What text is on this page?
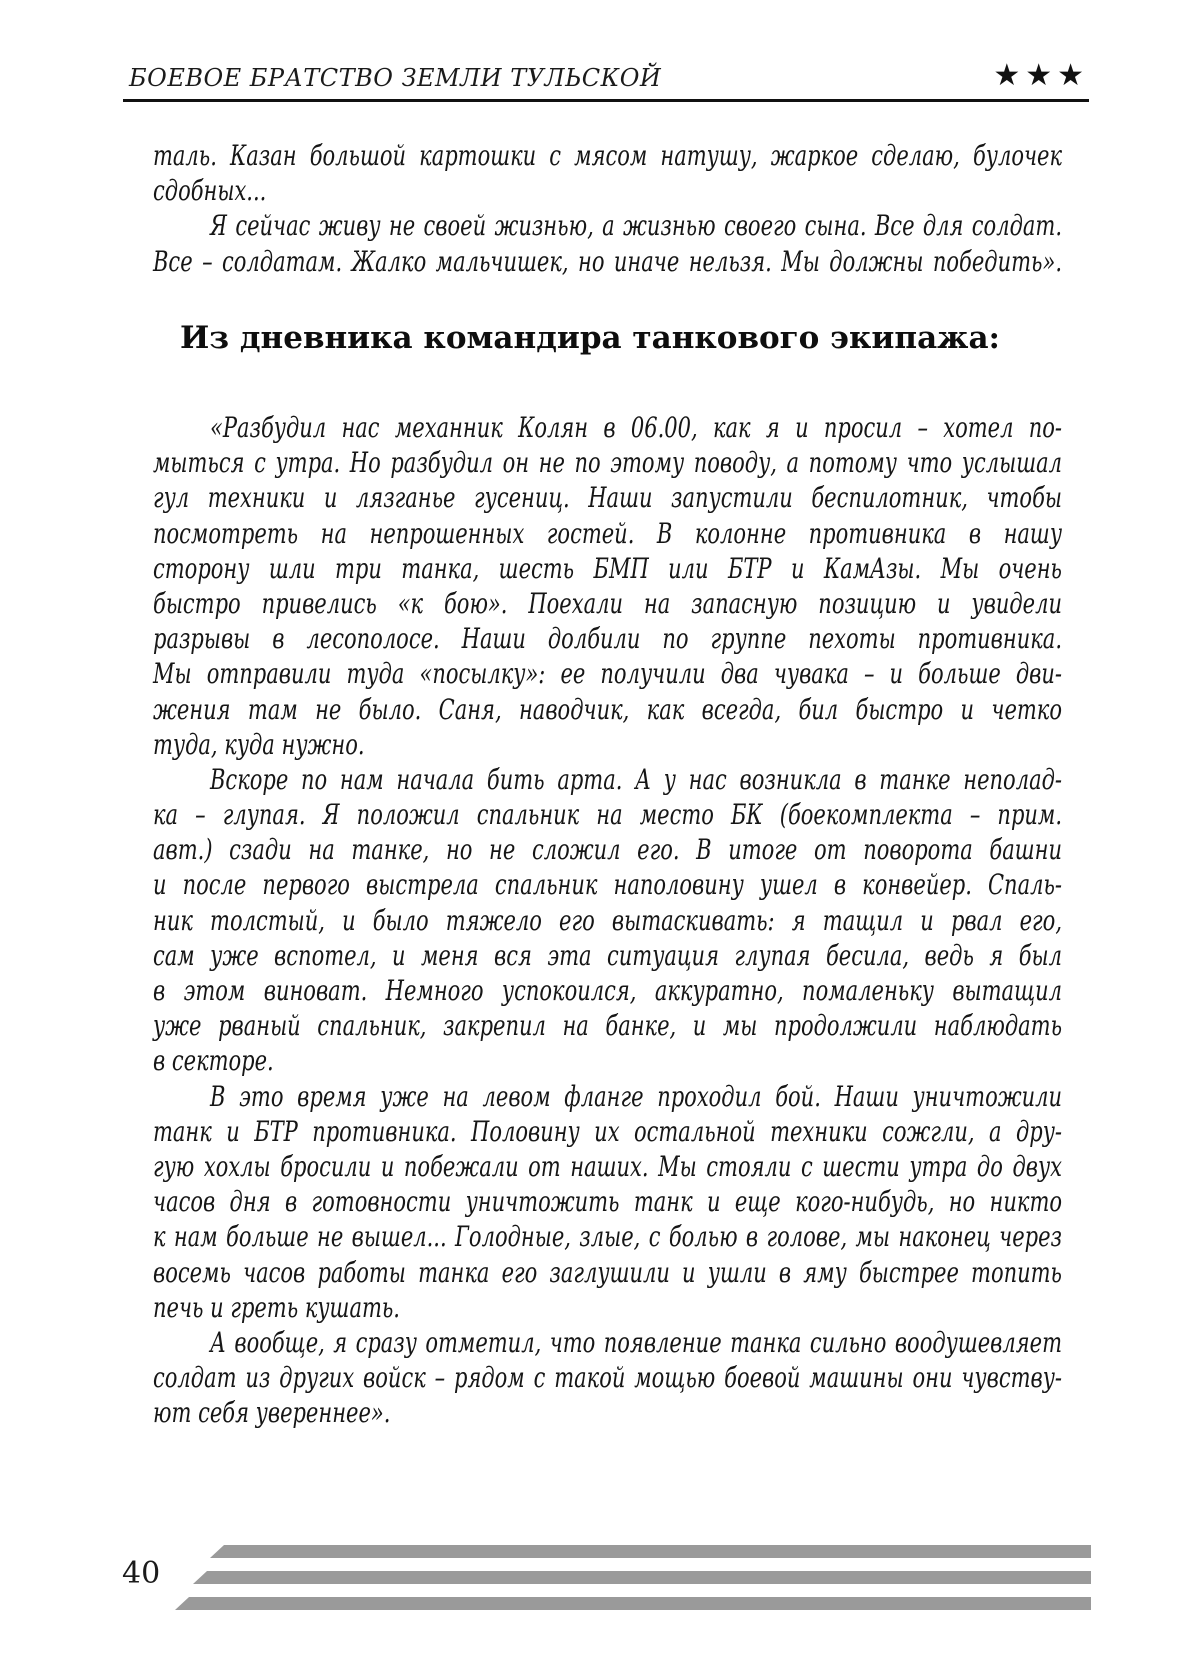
БОЕВОЕ БРАТСТВО ЗЕМЛИ ТУЛЬСКОЙ	★★★
таль. Казан большой картошки с мясом натушу, жаркое сделаю, булочек
сдобных...
Я сейчас живу не своей жизнью, а жизнью своего сына. Все для солдат.
Все – солдатам. Жалко мальчишек, но иначе нельзя. Мы должны победить».
Из дневника командира танкового экипажа:
«Разбудил нас механник Колян в 06.00, как я и просил – хотел по-
мыться с утра. Но разбудил он не по этому поводу, а потому что услышал
гул техники и лязганье гусениц. Наши запустили беспилотник, чтобы
посмотреть на непрошенных гостей. В колонне противника в нашу
сторону шли три танка, шесть БМП или БТР и КамАзы. Мы очень
быстро привелись «к бою». Поехали на запасную позицию и увидели
разрывы в лесополосе. Наши долбили по группе пехоты противника.
Мы отправили туда «посылку»: ее получили два чувака – и больше дви-
жения там не было. Саня, наводчик, как всегда, бил быстро и четко
туда, куда нужно.
Вскоре по нам начала бить арта. А у нас возникла в танке неполад-
ка – глупая. Я положил спальник на место БК (боекомплекта – прим.
авт.) сзади на танке, но не сложил его. В итоге от поворота башни
и после первого выстрела спальник наполовину ушел в конвейер. Спаль-
ник толстый, и было тяжело его вытаскивать: я тащил и рвал его,
сам уже вспотел, и меня вся эта ситуация глупая бесила, ведь я был
в этом виноват. Немного успокоился, аккуратно, помаленьку вытащил
уже рваный спальник, закрепил на банке, и мы продолжили наблюдать
в секторе.
В это время уже на левом фланге проходил бой. Наши уничтожили
танк и БТР противника. Половину их остальной техники сожгли, а дру-
гую хохлы бросили и побежали от наших. Мы стояли с шести утра до двух
часов дня в готовности уничтожить танк и еще кого-нибудь, но никто
к нам больше не вышел... Голодные, злые, с болью в голове, мы наконец через
восемь часов работы танка его заглушили и ушли в яму быстрее топить
печь и греть кушать.
А вообще, я сразу отметил, что появление танка сильно воодушевляет
солдат из других войск – рядом с такой мощью боевой машины они чувству-
ют себя увереннее».
40
